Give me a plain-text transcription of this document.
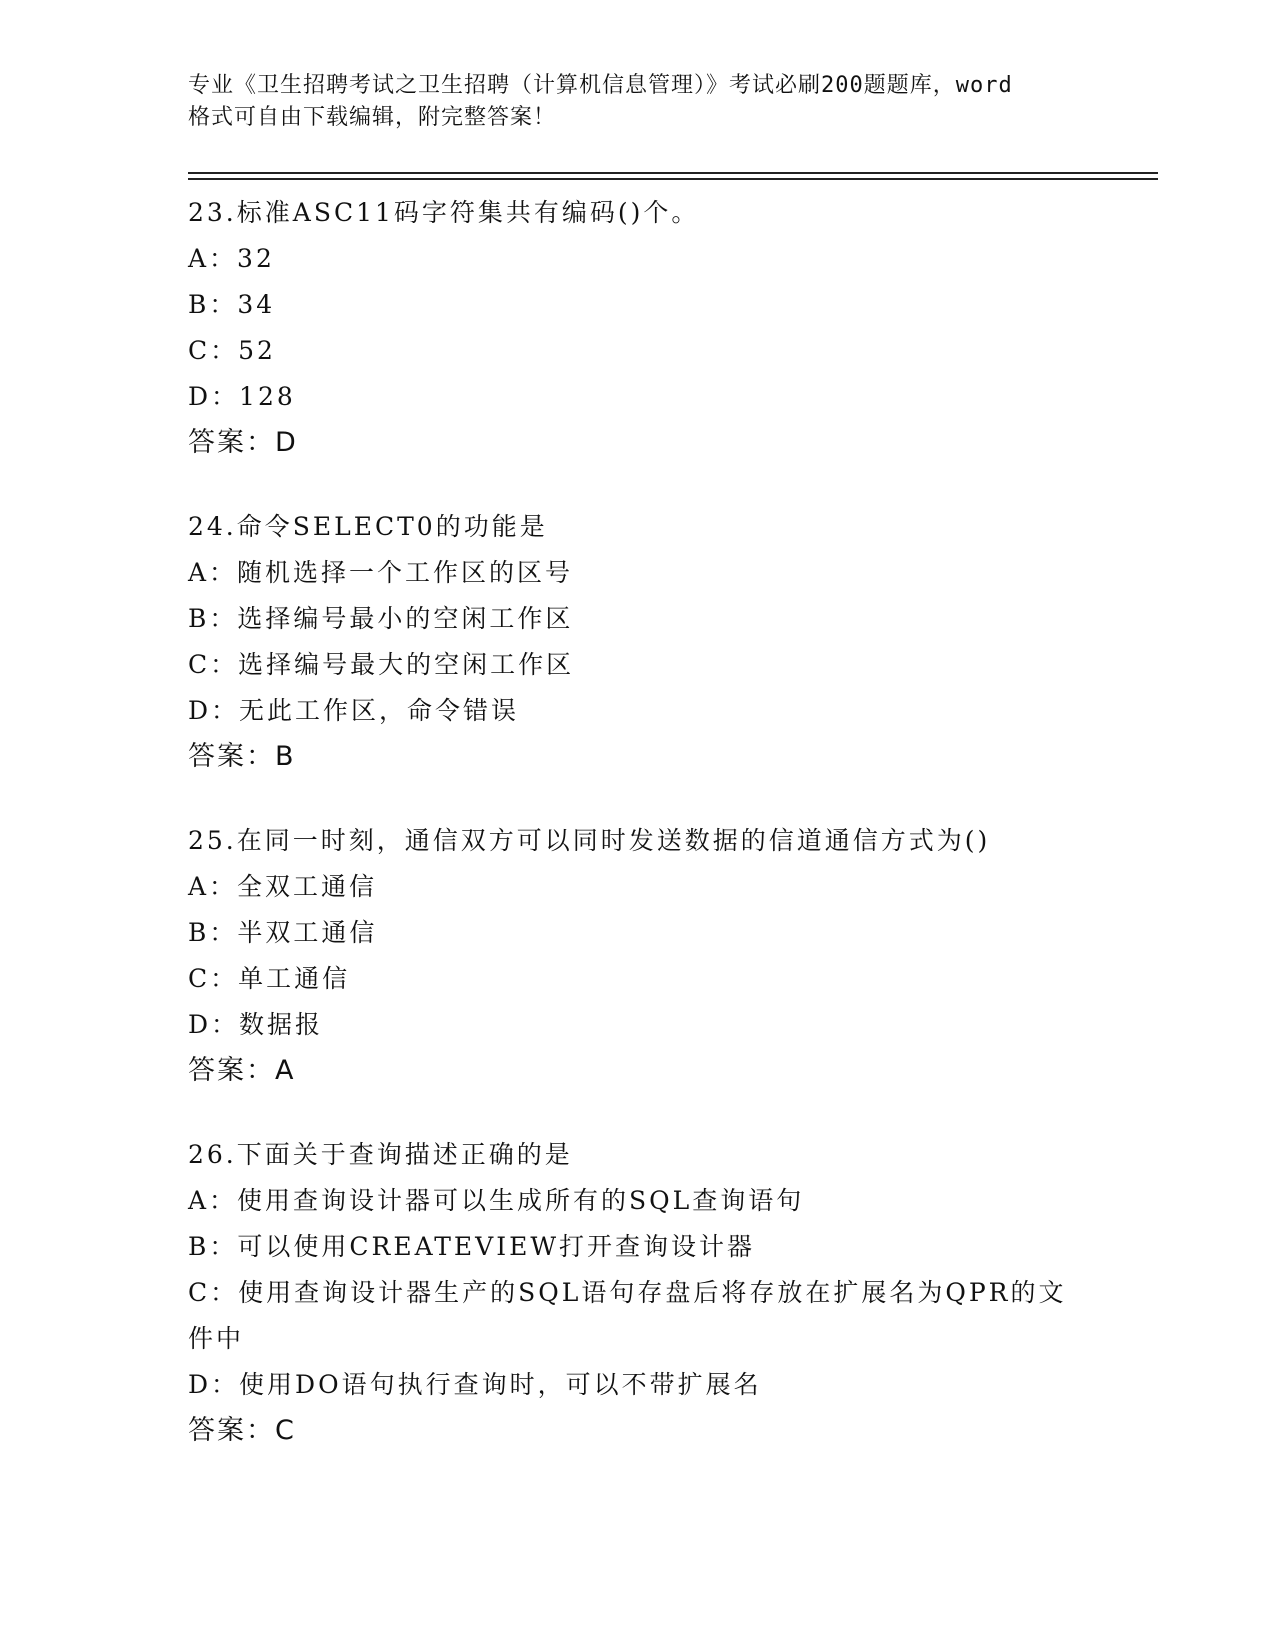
专业《卫生招聘考试之卫生招聘（计算机信息管理）》考试必刷200题题库，word
格式可自由下载编辑，附完整答案！
23.标准ASC11码字符集共有编码()个。
A：32
B：34
C：52
D：128
答案：D
24.命令SELECT0的功能是
A：随机选择一个工作区的区号
B：选择编号最小的空闲工作区
C：选择编号最大的空闲工作区
D：无此工作区，命令错误
答案：B
25.在同一时刻，通信双方可以同时发送数据的信道通信方式为()
A：全双工通信
B：半双工通信
C：单工通信
D：数据报
答案：A
26.下面关于查询描述正确的是
A：使用查询设计器可以生成所有的SQL查询语句
B：可以使用CREATEVIEW打开查询设计器
C：使用查询设计器生产的SQL语句存盘后将存放在扩展名为QPR的文件中
D：使用DO语句执行查询时，可以不带扩展名
答案：C
